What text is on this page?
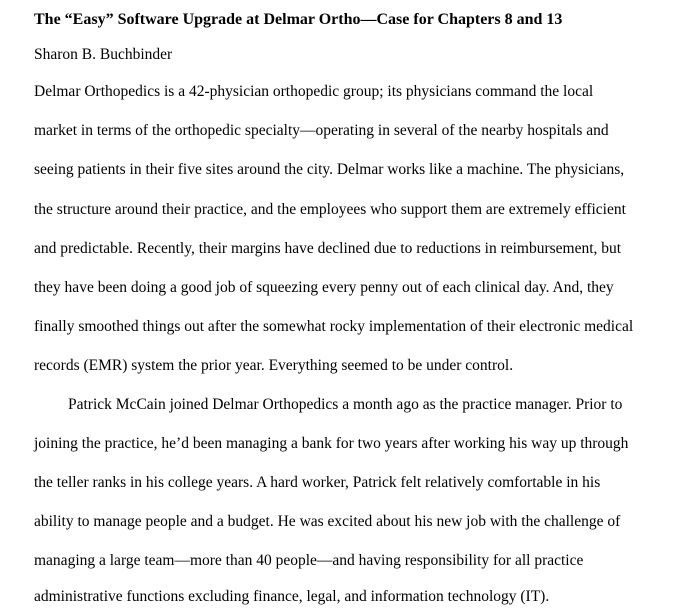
The “Easy” Software Upgrade at Delmar Ortho—Case for Chapters 8 and 13
Sharon B. Buchbinder
Delmar Orthopedics is a 42-physician orthopedic group; its physicians command the local
market in terms of the orthopedic specialty—operating in several of the nearby hospitals and
seeing patients in their five sites around the city. Delmar works like a machine. The physicians,
the structure around their practice, and the employees who support them are extremely efficient
and predictable. Recently, their margins have declined due to reductions in reimbursement, but
they have been doing a good job of squeezing every penny out of each clinical day. And, they
finally smoothed things out after the somewhat rocky implementation of their electronic medical
records (EMR) system the prior year. Everything seemed to be under control.
Patrick McCain joined Delmar Orthopedics a month ago as the practice manager. Prior to
joining the practice, he’d been managing a bank for two years after working his way up through
the teller ranks in his college years. A hard worker, Patrick felt relatively comfortable in his
ability to manage people and a budget. He was excited about his new job with the challenge of
managing a large team—more than 40 people—and having responsibility for all practice
administrative functions excluding finance, legal, and information technology (IT).
